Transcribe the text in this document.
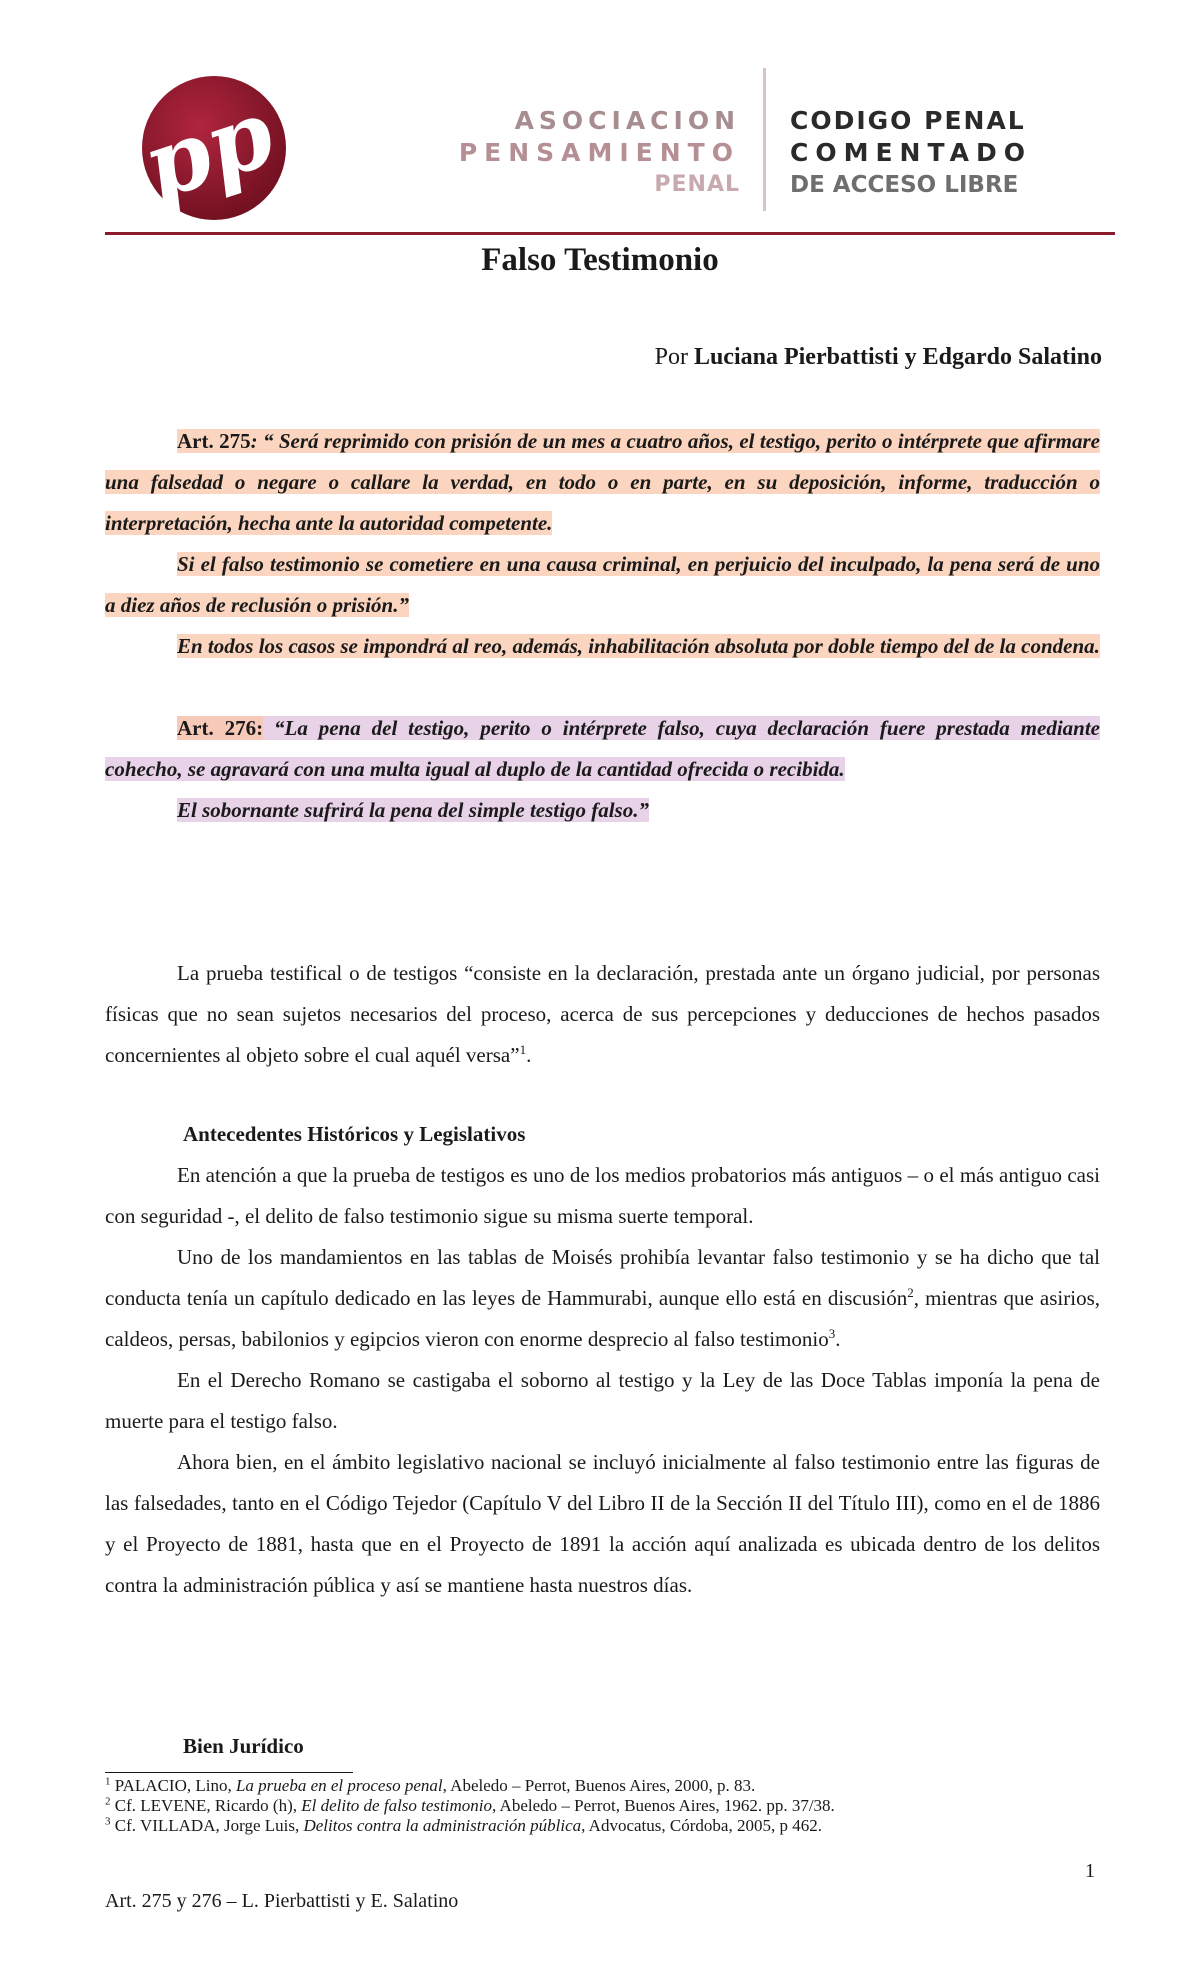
pp	ASOCIACION
PENSAMIENTO
PENAL
CODIGO PENAL
COMENTADO
DE ACCESO LIBRE
Falso Testimonio
Por Luciana Pierbattisti y Edgardo Salatino

Art. 275: “ Será reprimido con prisión de un mes a cuatro años, el testigo, perito o intérprete que afirmare una falsedad o negare o callare la verdad, en todo o en parte, en su deposición, informe, traducción o interpretación, hecha ante la autoridad competente.

Si el falso testimonio se cometiere en una causa criminal, en perjuicio del inculpado, la pena será de uno a diez años de reclusión o prisión.”

En todos los casos se impondrá al reo, además, inhabilitación absoluta por doble tiempo del de la condena.

Art. 276: “La pena del testigo, perito o intérprete falso, cuya declaración fuere prestada mediante cohecho, se agravará con una multa igual al duplo de la cantidad ofrecida o recibida.

El sobornante sufrirá la pena del simple testigo falso.”

La prueba testifical o de testigos “consiste en la declaración, prestada ante un órgano judicial, por personas físicas que no sean sujetos necesarios del proceso, acerca de sus percepciones y deducciones de hechos pasados concernientes al objeto sobre el cual aquél versa”$^1$.

Antecedentes Históricos y Legislativos

En atención a que la prueba de testigos es uno de los medios probatorios más antiguos – o el más antiguo casi con seguridad -, el delito de falso testimonio sigue su misma suerte temporal.

Uno de los mandamientos en las tablas de Moisés prohibía levantar falso testimonio y se ha dicho que tal conducta tenía un capítulo dedicado en las leyes de Hammurabi, aunque ello está en discusión$^2$, mientras que asirios, caldeos, persas, babilonios y egipcios vieron con enorme desprecio al falso testimonio$^3$.

En el Derecho Romano se castigaba el soborno al testigo y la Ley de las Doce Tablas imponía la pena de muerte para el testigo falso.

Ahora bien, en el ámbito legislativo nacional se incluyó inicialmente al falso testimonio entre las figuras de las falsedades, tanto en el Código Tejedor (Capítulo V del Libro II de la Sección II del Título III), como en el de 1886 y el Proyecto de 1881, hasta que en el Proyecto de 1891 la acción aquí analizada es ubicada dentro de los delitos contra la administración pública y así se mantiene hasta nuestros días.

Bien Jurídico

$^1$ PALACIO, Lino, La prueba en el proceso penal, Abeledo – Perrot, Buenos Aires, 2000, p. 83.
$^2$ Cf. LEVENE, Ricardo (h), El delito de falso testimonio, Abeledo – Perrot, Buenos Aires, 1962. pp. 37/38.
$^3$ Cf. VILLADA, Jorge Luis, Delitos contra la administración pública, Advocatus, Córdoba, 2005, p 462.
1
Art. 275 y 276 – L. Pierbattisti y E. Salatino
